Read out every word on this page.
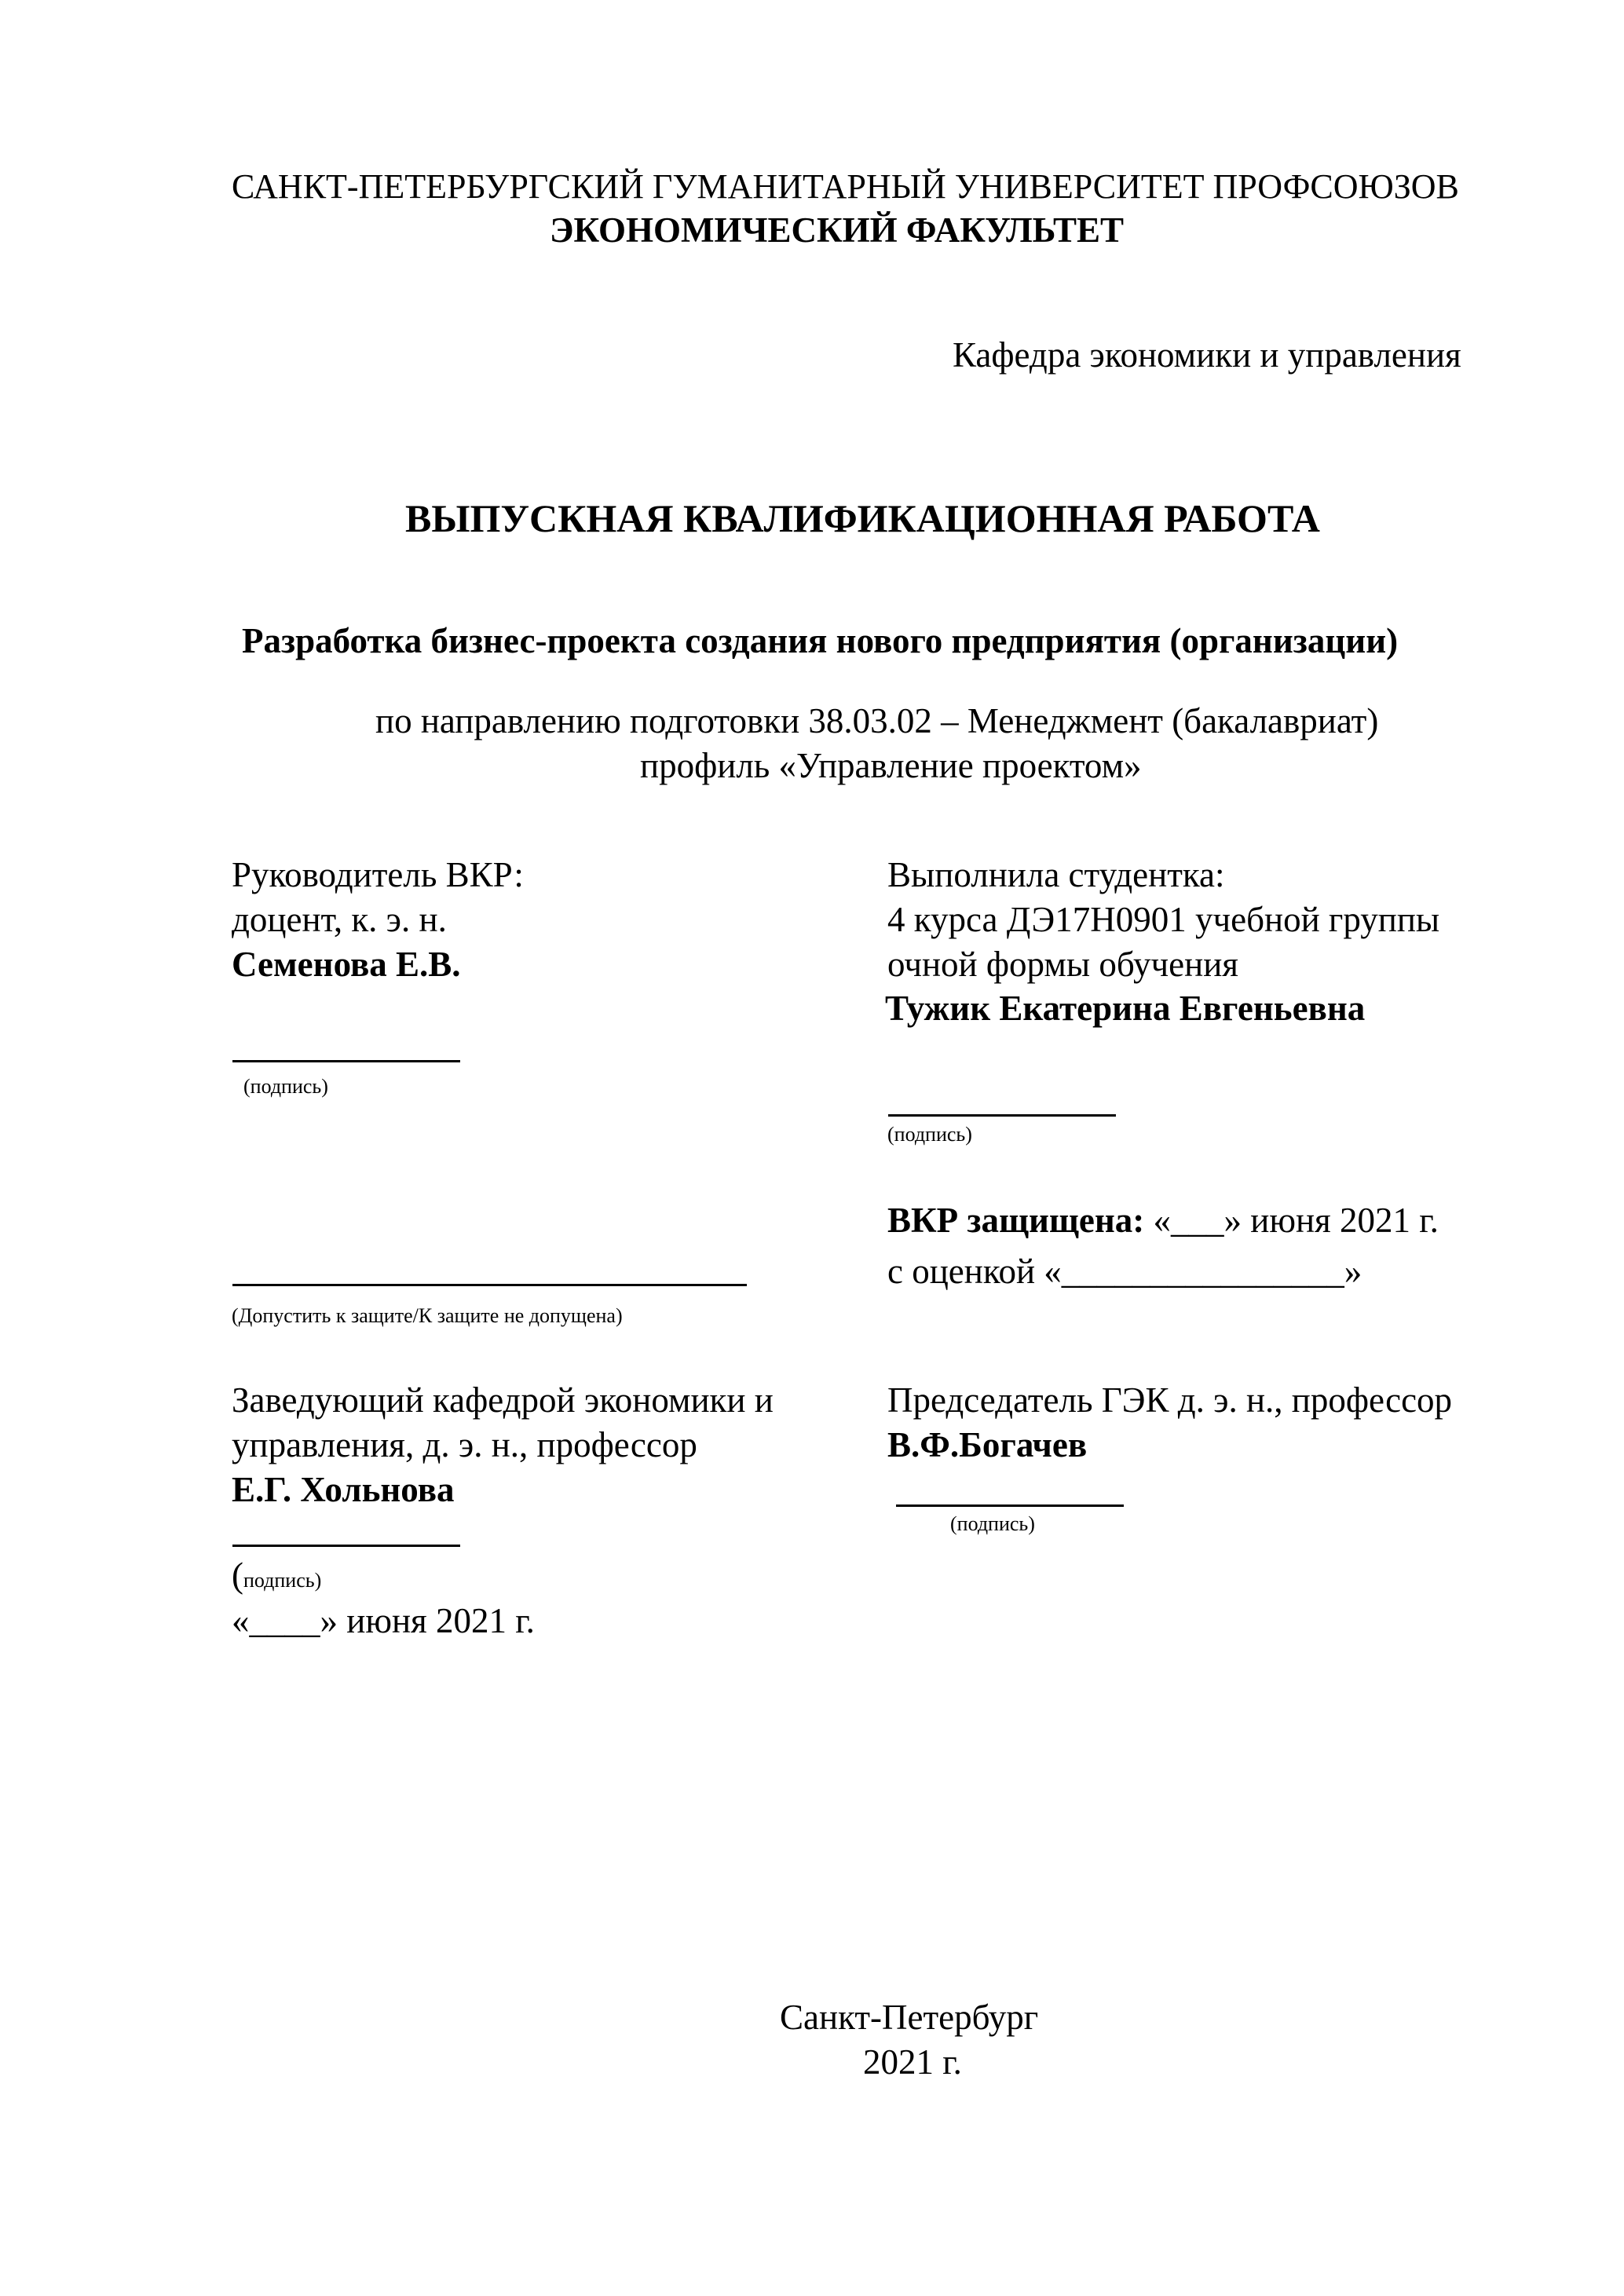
САНКТ-ПЕТЕРБУРГСКИЙ ГУМАНИТАРНЫЙ УНИВЕРСИТЕТ ПРОФСОЮЗОВ
ЭКОНОМИЧЕСКИЙ ФАКУЛЬТЕТ
Кафедра экономики и управления
ВЫПУСКНАЯ КВАЛИФИКАЦИОННАЯ РАБОТА
Разработка бизнес-проекта создания нового предприятия (организации)
по направлению подготовки 38.03.02 – Менеджмент (бакалавриат)
профиль «Управление проектом»
Руководитель ВКР:
доцент, к. э. н.
Семенова Е.В.
(подпись)
Выполнила студентка:
4 курса ДЭ17Н0901 учебной группы
очной формы обучения
Тужик Екатерина Евгеньевна
(подпись)
(Допустить к защите/К защите не допущена)
ВКР защищена: «___» июня 2021 г.
с оценкой «________________»
Заведующий кафедрой экономики и
управления, д. э. н., профессор
Е.Г. Хольнова
(подпись)
«____» июня 2021 г.
Председатель ГЭК д. э. н., профессор
В.Ф.Богачев
(подпись)
Санкт-Петербург
2021 г.
